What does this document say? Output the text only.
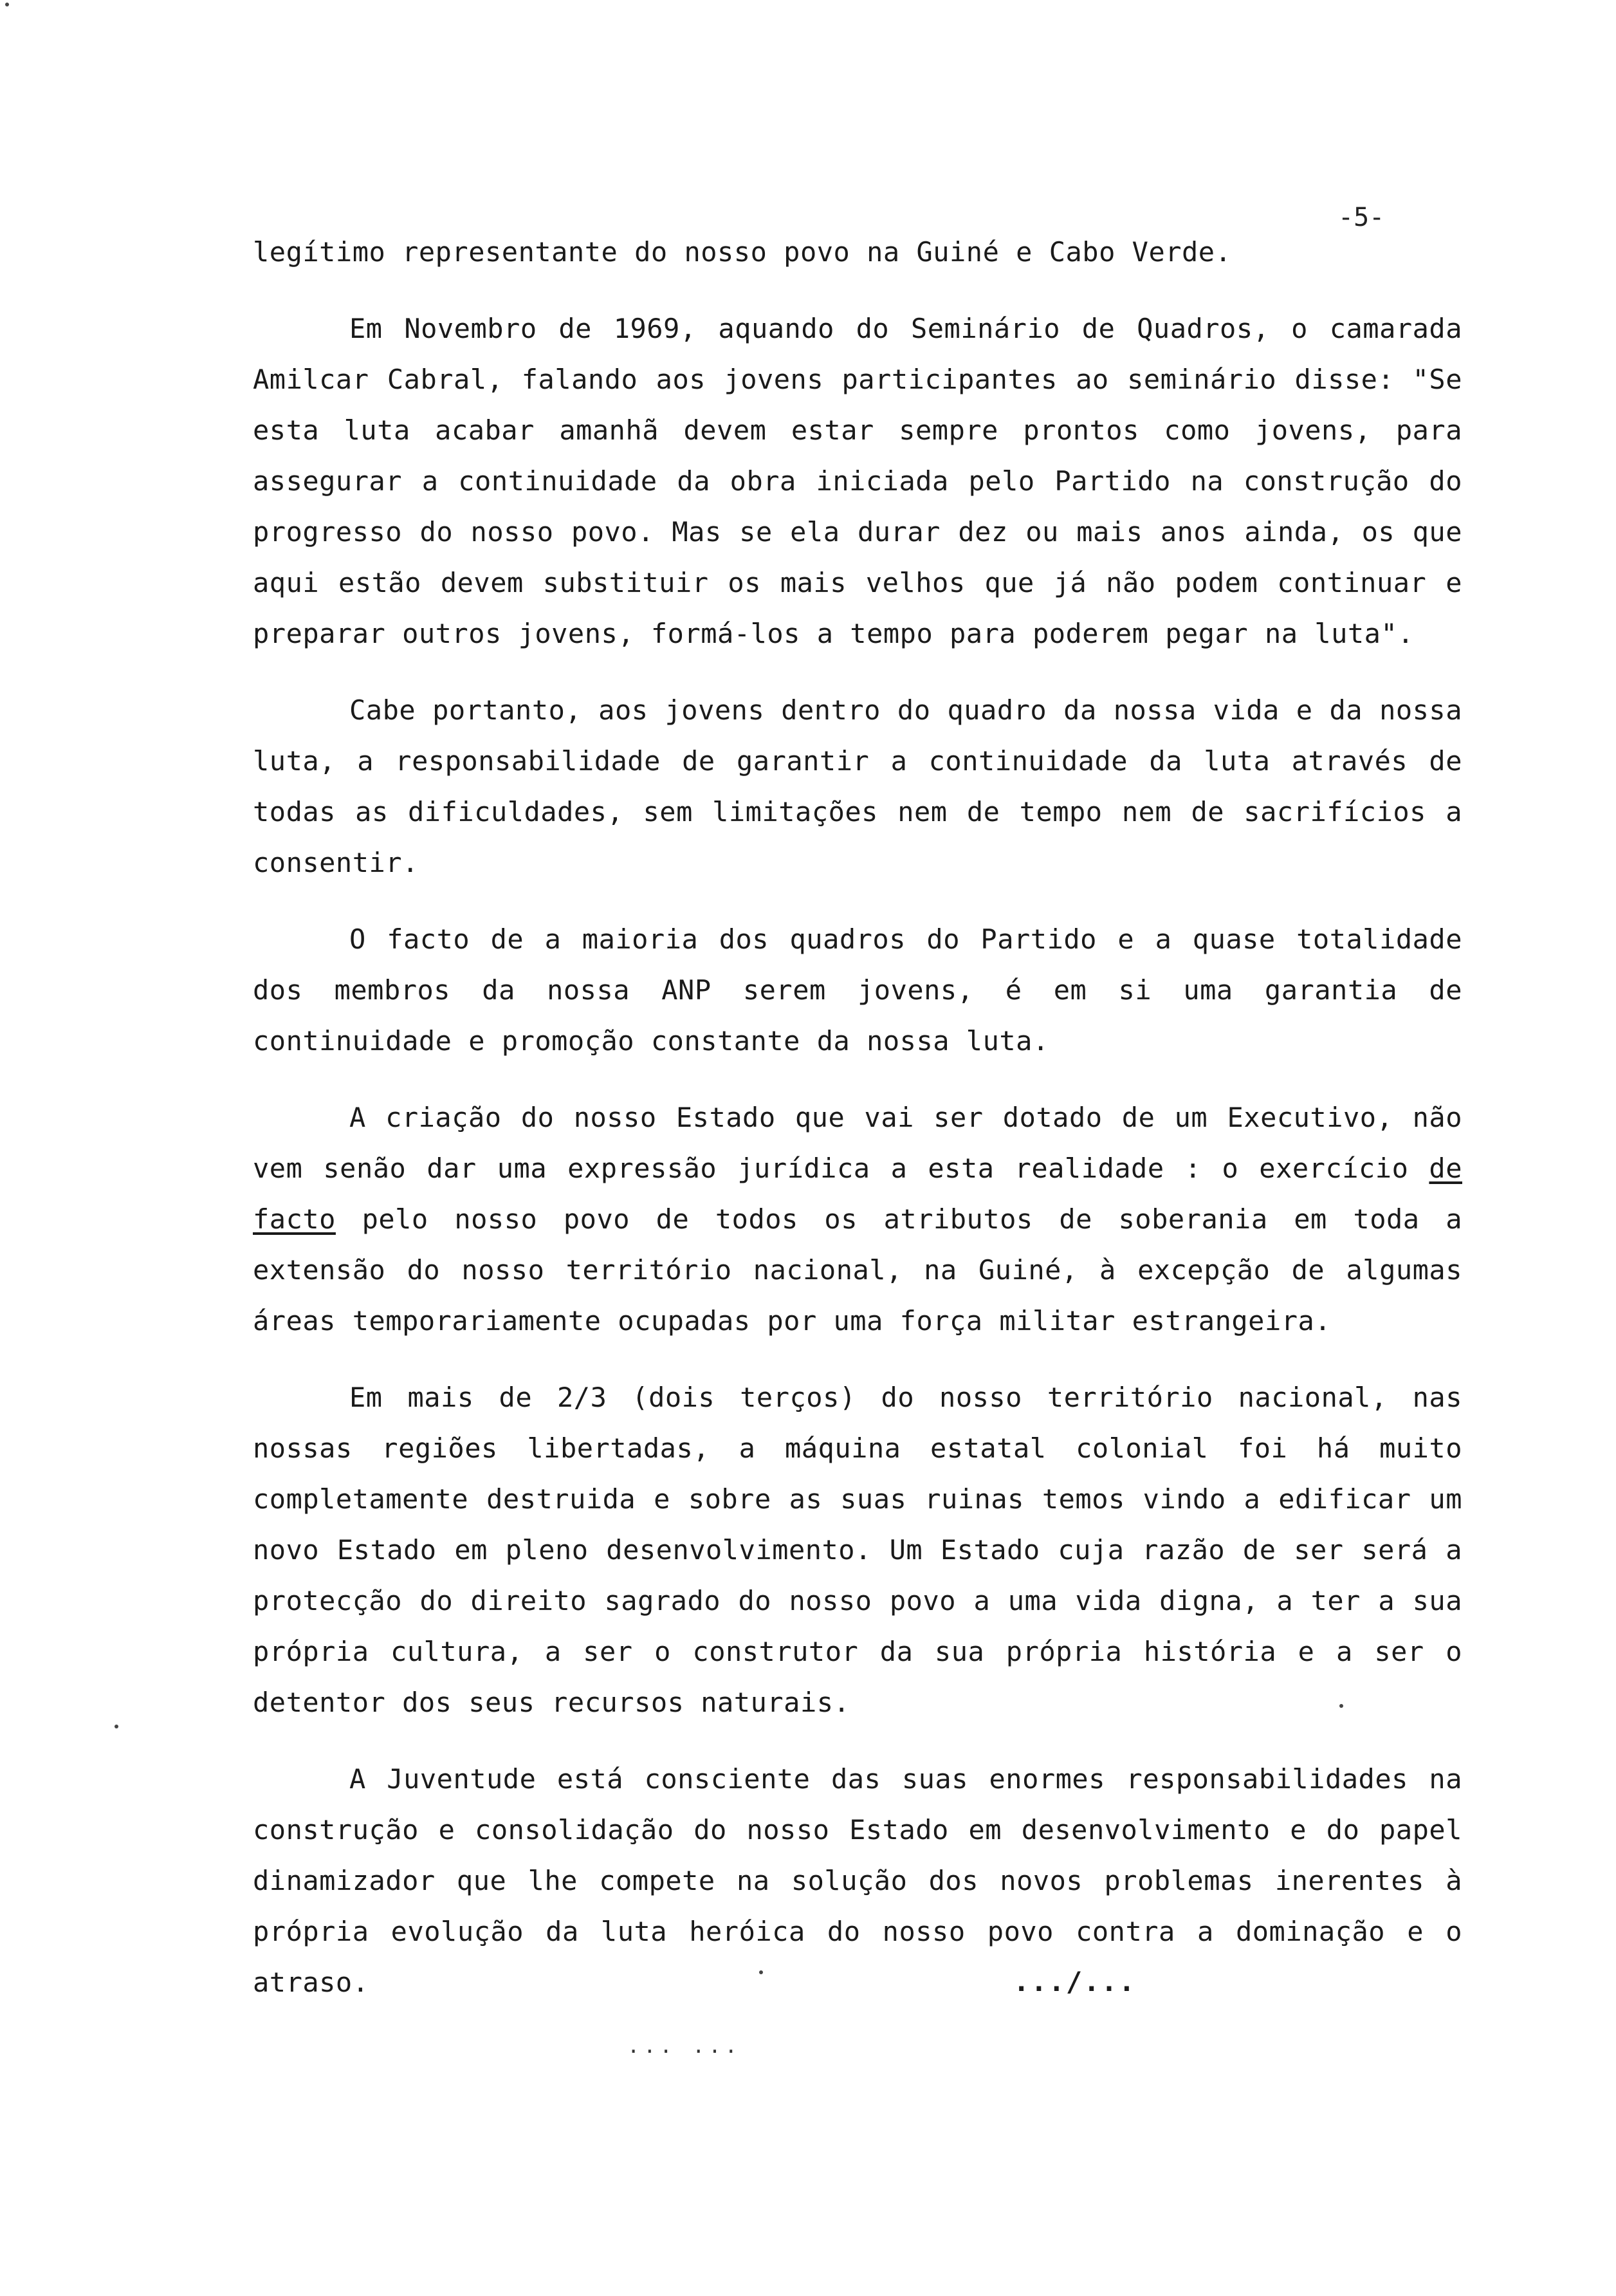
-5-

legítimo representante do nosso povo na Guiné e Cabo Verde.

Em Novembro de 1969, aquando do Seminário de Quadros, o camarada Amilcar Cabral, falando aos jovens participantes ao seminário disse: "Se esta luta acabar amanhã devem estar sempre prontos como jovens, para assegurar a continuidade da obra iniciada pelo Partido na construção do progresso do nosso povo. Mas se ela durar dez ou mais anos ainda, os que aqui estão devem substituir os mais velhos que já não podem continuar e preparar outros jovens, formá-los a tempo para poderem pegar na luta".

Cabe portanto, aos jovens dentro do quadro da nossa vida e da nossa luta, a responsabilidade de garantir a continuidade da luta através de todas as dificuldades, sem limitações nem de tempo nem de sacrifícios a consentir.

O facto de a maioria dos quadros do Partido e a quase totalidade dos membros da nossa ANP serem jovens, é em si uma garantia de continuidade e promoção constante da nossa luta.

A criação do nosso Estado que vai ser dotado de um Executivo, não vem senão dar uma expressão jurídica a esta realidade : o exercício de facto pelo nosso povo de todos os atributos de soberania em toda a extensão do nosso território nacional, na Guiné, à excepção de algumas áreas temporariamente ocupadas por uma força militar estrangeira.

Em mais de 2/3 (dois terços) do nosso território nacional, nas nossas regiões libertadas, a máquina estatal colonial foi há muito completamente destruida e sobre as suas ruinas temos vindo a edificar um novo Estado em pleno desenvolvimento. Um Estado cuja razão de ser será a protecção do direito sagrado do nosso povo a uma vida digna, a ter a sua própria cultura, a ser o construtor da sua própria história e a ser o detentor dos seus recursos naturais.

A Juventude está consciente das suas enormes responsabilidades na construção e consolidação do nosso Estado em desenvolvimento e do papel dinamizador que lhe compete na solução dos novos problemas inerentes à própria evolução da luta heróica do nosso povo contra a dominação e o atraso.	.../...
... ...
